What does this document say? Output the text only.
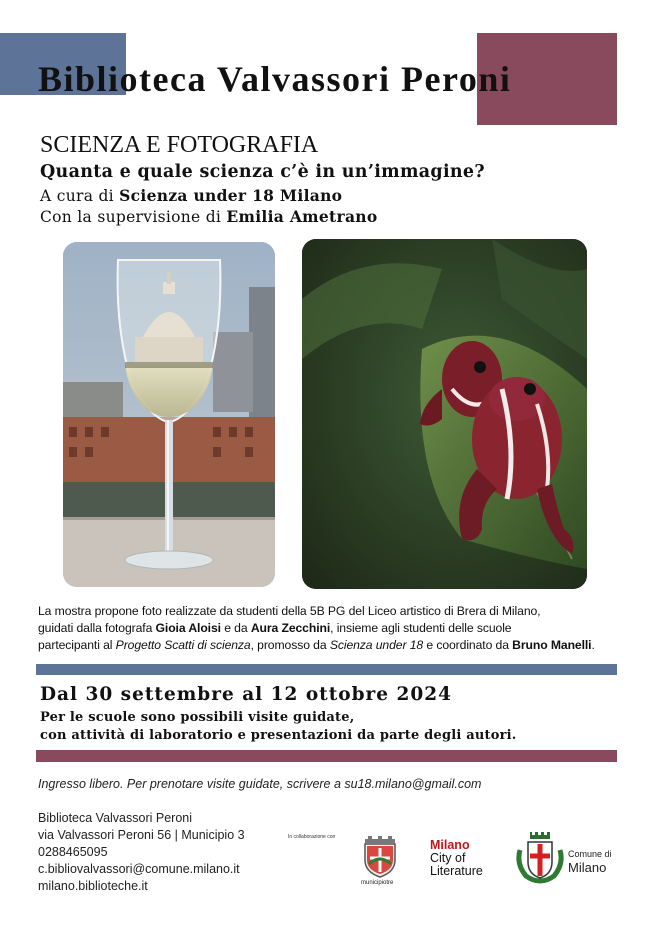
Biblioteca Valvassori Peroni
SCIENZA E FOTOGRAFIA
Quanta e quale scienza c’è in un’immagine?
A cura di Scienza under 18 Milano
Con la supervisione di Emilia Ametrano
La mostra propone foto realizzate da studenti della 5B PG del Liceo artistico di Brera di Milano,
guidati dalla fotografa Gioia Aloisi e da Aura Zecchini, insieme agli studenti delle scuole
partecipanti al Progetto Scatti di scienza, promosso da Scienza under 18 e coordinato da Bruno Manelli.
Dal 30 settembre al 12 ottobre 2024
Per le scuole sono possibili visite guidate,
con attività di laboratorio e presentazioni da parte degli autori.
Ingresso libero. Per prenotare visite guidate, scrivere a su18.milano@gmail.com
Biblioteca Valvassori Peroni
via Valvassori Peroni 56 | Municipio 3
0288465095
c.bibliovalvassori@comune.milano.it
milano.biblioteche.it
In collaborazione con
municipiotre
Milano
City of
Literature
Comune di
Milano
